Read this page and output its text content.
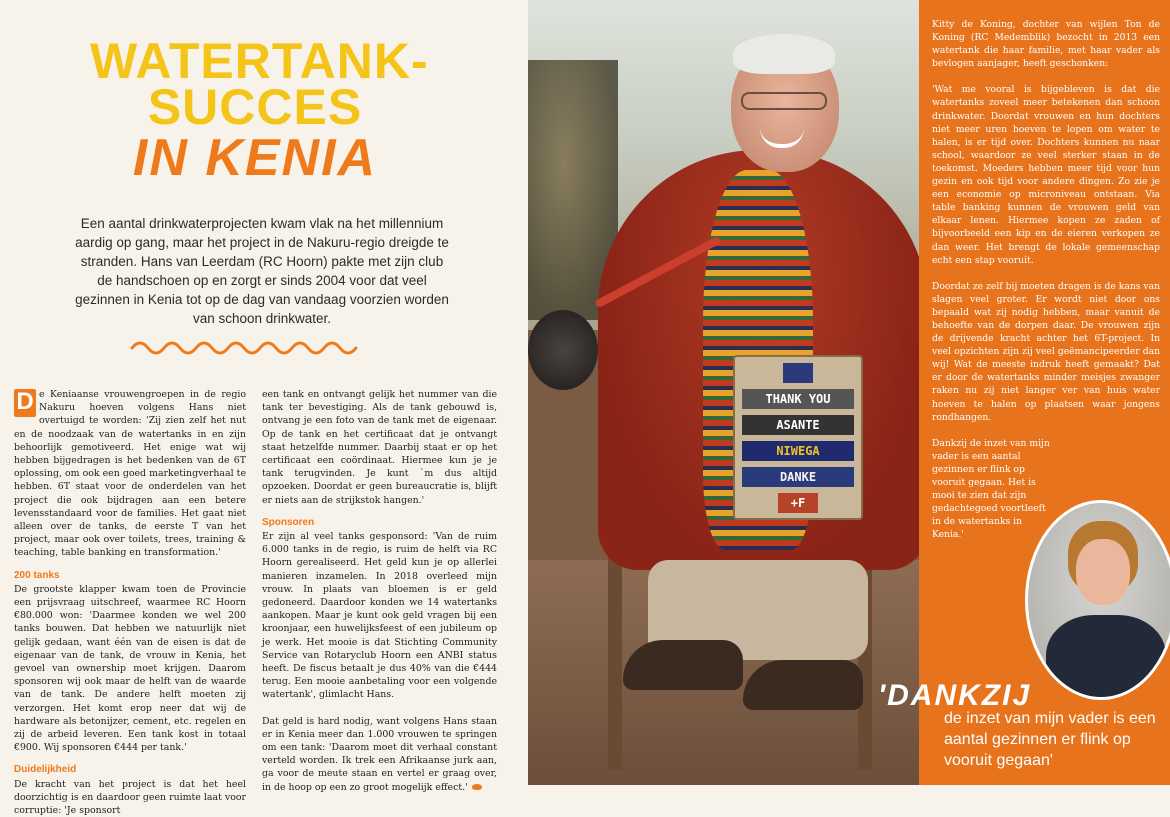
WATERTANK-
SUCCES
IN KENIA
Een aantal drinkwaterprojecten kwam vlak na het millennium aardig op gang, maar het project in de Nakuru-regio dreigde te stranden. Hans van Leerdam (RC Hoorn) pakte met zijn club de handschoen op en zorgt er sinds 2004 voor dat veel gezinnen in Kenia tot op de dag van vandaag voorzien worden van schoon drinkwater.
D e Keniaanse vrouwengroepen in de regio Nakuru hoeven volgens Hans niet overtuigd te worden: 'Zij zien zelf het nut en de noodzaak van de watertanks in en zijn behoorlijk gemotiveerd. Het enige wat wij hebben bijgedragen is het bedenken van de 6T oplossing, om ook een goed marketingverhaal te hebben. 6T staat voor de onderdelen van het project die ook bijdragen aan een betere levensstandaard voor de families. Het gaat niet alleen over de tanks, de eerste T van het project, maar ook over toilets, trees, training & teaching, table banking en transformation.'

200 tanks

De grootste klapper kwam toen de Provincie een prijsvraag uitschreef, waarmee RC Hoorn €80.000 won: 'Daarmee konden we wel 200 tanks bouwen. Dat hebben we natuurlijk niet gelijk gedaan, want één van de eisen is dat de eigenaar van de tank, de vrouw in Kenia, het gevoel van ownership moet krijgen. Daarom sponsoren wij ook maar de helft van de waarde van de tank. De andere helft moeten zij verzorgen. Het komt erop neer dat wij de hardware als betonijzer, cement, etc. regelen en zij de arbeid leveren. Een tank kost in totaal €900. Wij sponsoren €444 per tank.'

Duidelijkheid

De kracht van het project is dat het heel doorzichtig is en daardoor geen ruimte laat voor corruptie: 'Je sponsort

een tank en ontvangt gelijk het nummer van die tank ter bevestiging. Als de tank gebouwd is, ontvang je een foto van de tank met de eigenaar. Op de tank en het certificaat dat je ontvangt staat hetzelfde nummer. Daarbij staat er op het certificaat een coördinaat. Hiermee kun je je tank terugvinden. Je kunt `m dus altijd opzoeken. Doordat er geen bureaucratie is, blijft er niets aan de strijkstok hangen.'

Sponsoren

Er zijn al veel tanks gesponsord: 'Van de ruim 6.000 tanks in de regio, is ruim de helft via RC Hoorn gerealiseerd. Het geld kun je op allerlei manieren inzamelen. In 2018 overleed mijn vrouw. In plaats van bloemen is er geld gedoneerd. Daardoor konden we 14 watertanks aankopen. Maar je kunt ook geld vragen bij een kroonjaar, een huwelijksfeest of een jubileum op je werk. Het mooie is dat Stichting Community Service van Rotaryclub Hoorn een ANBI status heeft. De fiscus betaalt je dus 40% van die €444 terug. Een mooie aanbetaling voor een volgende watertank', glimlacht Hans.

Dat geld is hard nodig, want volgens Hans staan er in Kenia meer dan 1.000 vrouwen te springen om een tank: 'Daarom moet dit verhaal constant verteld worden. Ik trek een Afrikaanse jurk aan, ga voor de meute staan en vertel er graag over, in de hoop op een zo groot mogelijk effect.'

THANK YOU
ASANTE
NIWEGA
DANKE
+F

Kitty de Koning, dochter van wijlen Ton de Koning (RC Medemblik) bezocht in 2013 een watertank die haar familie, met haar vader als bevlogen aanjager, heeft geschonken:

'Wat me vooral is bijgebleven is dat die watertanks zoveel meer betekenen dan schoon drinkwater. Doordat vrouwen en hun dochters niet meer uren hoeven te lopen om water te halen, is er tijd over. Dochters kunnen nu naar school, waardoor ze veel sterker staan in de toekomst. Moeders hebben meer tijd voor hun gezin en ook tijd voor andere dingen. Zo zie je een economie op microniveau ontstaan. Via table banking kunnen de vrouwen geld van elkaar lenen. Hiermee kopen ze zaden of bijvoorbeeld een kip en de eieren verkopen ze dan weer. Het brengt de lokale gemeenschap echt een stap vooruit.

Doordat ze zelf bij moeten dragen is de kans van slagen veel groter. Er wordt niet door ons bepaald wat zij nodig hebben, maar vanuit de behoefte van de dorpen daar. De vrouwen zijn de drijvende kracht achter het 6T-project. In veel opzichten zijn zij veel geëmancipeerder dan wij! Wat de meeste indruk heeft gemaakt? Dat er door de watertanks minder meisjes zwanger raken nu zij niet langer ver van huis water hoeven te halen op plaatsen waar jongens rondhangen.

Dankzij de inzet van mijn vader is een aantal gezinnen er flink op vooruit gegaan. Het is mooi te zien dat zijn gedachtegoed voortleeft in de watertanks in Kenia.'

'DANKZIJ
de inzet van mijn vader is een aantal gezinnen er flink op vooruit gegaan'
